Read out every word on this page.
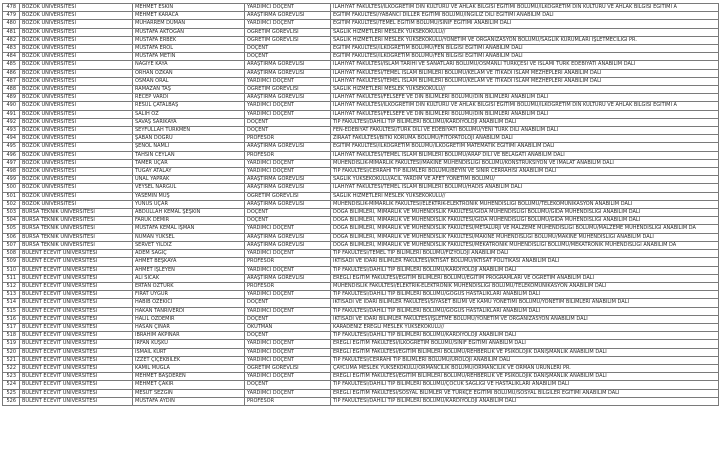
478	BOZOK ÜNİVERSİTESİ	MEHMET ESKİN	YARDIMCI DOÇENT	İLAHİYAT FAKÜLTESİ/İLKÖĞRETİM DİN KÜLTÜRÜ VE AHLAK BİLGİSİ EĞİTİMİ BÖLÜMÜ/İLKÖĞRETİM DİN KÜLTÜRÜ VE AHLAK BİLGİSİ EĞİTİMİ A
479	BOZOK ÜNİVERSİTESİ	MEHMET KARACA	ARAŞTIRMA GÖREVLİSİ	EĞİTİM FAKÜLTESİ/YABANCI DİLLER EĞİTİMİ BÖLÜMÜ/İNGİLİZ DİLİ EĞİTİMİ ANABİLİM DALI
480	BOZOK ÜNİVERSİTESİ	MUHARREM DUMAN	YARDIMCI DOÇENT	EĞİTİM FAKÜLTESİ/TEMEL EĞİTİM BÖLÜMÜ/SINIF EĞİTİMİ ANABİLİM DALI
481	BOZOK ÜNİVERSİTESİ	MUSTAFA AKTOĞAN	ÖĞRETİM GÖREVLİSİ	SAĞLIK HİZMETLERİ MESLEK YÜKSEKOKULU//
482	BOZOK ÜNİVERSİTESİ	MUSTAFA ERBEK	ÖĞRETİM GÖREVLİSİ	SAĞLIK HİZMETLERİ MESLEK YÜKSEKOKULU/YÖNETİM VE ORGANİZASYON BÖLÜMÜ/SAĞLIK KURUMLARI İŞLETMECİLİĞİ PR.
483	BOZOK ÜNİVERSİTESİ	MUSTAFA EROL	DOÇENT	EĞİTİM FAKÜLTESİ/İLKÖĞRETİM BÖLÜMÜ/FEN BİLGİSİ EĞİTİMİ ANABİLİM DALI
484	BOZOK ÜNİVERSİTESİ	MUSTAFA METİN	DOÇENT	EĞİTİM FAKÜLTESİ/İLKÖĞRETİM BÖLÜMÜ/FEN BİLGİSİ EĞİTİMİ ANABİLİM DALI
485	BOZOK ÜNİVERSİTESİ	NAGİYE KAYA	ARAŞTIRMA GÖREVLİSİ	İLAHİYAT FAKÜLTESİ/İSLAM TARİHİ VE SANATLARI BÖLÜMÜ/OSMANLI TÜRKÇESİ VE İSLAMİ TÜRK EDEBİYATI ANABİLİM DALI
486	BOZOK ÜNİVERSİTESİ	ORHAN ÖZKAN	ARAŞTIRMA GÖREVLİSİ	İLAHİYAT FAKÜLTESİ/TEMEL İSLAM BİLİMLERİ BÖLÜMÜ/KELAM VE İTİKADİ İSLAM MEZHEPLERİ ANABİLİM DALI
487	BOZOK ÜNİVERSİTESİ	OSMAN ORAL	YARDIMCI DOÇENT	İLAHİYAT FAKÜLTESİ/TEMEL İSLAM BİLİMLERİ BÖLÜMÜ/KELAM VE İTİKADİ İSLAM MEZHEPLERİ ANABİLİM DALI
488	BOZOK ÜNİVERSİTESİ	RAMAZAN TAŞ	ÖĞRETİM GÖREVLİSİ	SAĞLIK HİZMETLERİ MESLEK YÜKSEKOKULU//
489	BOZOK ÜNİVERSİTESİ	RECEP VARDI	ARAŞTIRMA GÖREVLİSİ	İLAHİYAT FAKÜLTESİ/FELSEFE VE DİN BİLİMLERİ BÖLÜMÜ/DİN BİLİMLERİ ANABİLİM DALI
490	BOZOK ÜNİVERSİTESİ	RESUL ÇATALBAŞ	YARDIMCI DOÇENT	İLAHİYAT FAKÜLTESİ/İLKÖĞRETİM DİN KÜLTÜRÜ VE AHLAK BİLGİSİ EĞİTİMİ BÖLÜMÜ/İLKÖĞRETİM DİN KÜLTÜRÜ VE AHLAK BİLGİSİ EĞİTİMİ A
491	BOZOK ÜNİVERSİTESİ	SALİH ÖZ	YARDIMCI DOÇENT	İLAHİYAT FAKÜLTESİ/FELSEFE VE DİN BİLİMLERİ BÖLÜMÜ/DİN BİLİMLERİ ANABİLİM DALI
492	BOZOK ÜNİVERSİTESİ	SAVAŞ SARIKAYA	DOÇENT	TIP FAKÜLTESİ/DAHİLİ TIP BİLİMLERİ BÖLÜMÜ/KARDİYOLOJİ ANABİLİM DALI
493	BOZOK ÜNİVERSİTESİ	SEYFULLAH TÜRKMEN	DOÇENT	FEN-EDEBİYAT FAKÜLTESİ/TÜRK DİLİ VE EDEBİYATI BÖLÜMÜ/YENİ TÜRK DİLİ ANABİLİM DALI
494	BOZOK ÜNİVERSİTESİ	ŞABAN DOĞRU	PROFESÖR	ZİRAAT FAKÜLTESİ/BİTKİ KORUMA BÖLÜMÜ/FİTOPATOLOJİ ANABİLİM DALI
495	BOZOK ÜNİVERSİTESİ	ŞENOL NAMLI	ARAŞTIRMA GÖREVLİSİ	EĞİTİM FAKÜLTESİ/İLKÖĞRETİM BÖLÜMÜ/İLKÖĞRETİM MATEMATİK EĞİTİMİ ANABİLİM DALI
496	BOZOK ÜNİVERSİTESİ	TAHSİN CEYLAN	PROFESÖR	İLAHİYAT FAKÜLTESİ/TEMEL İSLAM BİLİMLERİ BÖLÜMÜ/ARAP DİLİ VE BELAGATI ANABİLİM DALI
497	BOZOK ÜNİVERSİTESİ	TAMER UÇAR	YARDIMCI DOÇENT	MÜHENDİSLİK-MİMARLIK FAKÜLTESİ/MAKİNE MÜHENDİSLİĞİ BÖLÜMÜ/KONSTRÜKSİYON VE İMALAT ANABİLİM DALI
498	BOZOK ÜNİVERSİTESİ	TUĞAY ATALAY	YARDIMCI DOÇENT	TIP FAKÜLTESİ/CERRAHİ TIP BİLİMLERİ BÖLÜMÜ/BEYİN VE SİNİR CERRAHİSİ ANABİLİM DALI
499	BOZOK ÜNİVERSİTESİ	ÜNAL YAPRAK	ARAŞTIRMA GÖREVLİSİ	SAĞLIK YÜKSEKOKULU/ACİL YARDIM VE AFET YÖNETİMİ BÖLÜMÜ/
500	BOZOK ÜNİVERSİTESİ	VEYSEL NARGÜL	ARAŞTIRMA GÖREVLİSİ	İLAHİYAT FAKÜLTESİ/TEMEL İSLAM BİLİMLERİ BÖLÜMÜ/HADİS ANABİLİM DALI
501	BOZOK ÜNİVERSİTESİ	YASEMİN MUŞ	ÖĞRETİM GÖREVLİSİ	SAĞLIK HİZMETLERİ MESLEK YÜKSEKOKULU//
502	BOZOK ÜNİVERSİTESİ	YUNUS UÇAR	ARAŞTIRMA GÖREVLİSİ	MÜHENDİSLİK-MİMARLIK FAKÜLTESİ/ELEKTRİK-ELEKTRONİK MÜHENDİSLİĞİ BÖLÜMÜ/TELEKOMÜNİKASYON ANABİLİM DALI
503	BURSA TEKNİK ÜNİVERSİTESİ	ABDULLAH KEMAL ŞEŞKİN	DOÇENT	DOĞA BİLİMLERİ, MİMARLIK VE MÜHENDİSLİK FAKÜLTESİ/GIDA MÜHENDİSLİĞİ BÖLÜMÜ/GIDA MÜHENDİSLİĞİ ANABİLİM DALI
504	BURSA TEKNİK ÜNİVERSİTESİ	FARUK DEMİR	DOÇENT	DOĞA BİLİMLERİ, MİMARLIK VE MÜHENDİSLİK FAKÜLTESİ/GIDA MÜHENDİSLİĞİ BÖLÜMÜ/GIDA MÜHENDİSLİĞİ ANABİLİM DALI
505	BURSA TEKNİK ÜNİVERSİTESİ	MUSTAFA KEMAL İŞMAN	YARDIMCI DOÇENT	DOĞA BİLİMLERİ, MİMARLIK VE MÜHENDİSLİK FAKÜLTESİ/METALURJİ VE MALZEME MÜHENDİSLİĞİ BÖLÜMÜ/MALZEME MÜHENDİSLİĞİ ANABİLİM DA
506	BURSA TEKNİK ÜNİVERSİTESİ	NUMAN YÜKSEL	ARAŞTIRMA GÖREVLİSİ	DOĞA BİLİMLERİ, MİMARLIK VE MÜHENDİSLİK FAKÜLTESİ/MAKİNE MÜHENDİSLİĞİ BÖLÜMÜ/MAKİNE MÜHENDİSLİĞİ ANABİLİM DALI
507	BURSA TEKNİK ÜNİVERSİTESİ	SERVET YILDIZ	ARAŞTIRMA GÖREVLİSİ	DOĞA BİLİMLERİ, MİMARLIK VE MÜHENDİSLİK FAKÜLTESİ/MEKATRONİK MÜHENDİSLİĞİ BÖLÜMÜ/MEKATRONİK MÜHENDİSLİĞİ ANABİLİM DA
508	BÜLENT ECEVİT ÜNİVERSİTESİ	ADEM SAĞIÇ	YARDIMCI DOÇENT	TIP FAKÜLTESİ/TEMEL TIP BİLİMLERİ BÖLÜMÜ/FİZYOLOJİ ANABİLİM DALI
509	BÜLENT ECEVİT ÜNİVERSİTESİ	AHMET BEŞKAYA	PROFESÖR	İKTİSADİ VE İDARİ BİLİMLER FAKÜLTESİ/İKTİSAT BÖLÜMÜ/İKTİSAT POLİTİKASI ANABİLİM DALI
510	BÜLENT ECEVİT ÜNİVERSİTESİ	AHMET İŞLEYEN	YARDIMCI DOÇENT	TIP FAKÜLTESİ/DAHİLİ TIP BİLİMLERİ BÖLÜMÜ/KARDİYOLOJİ ANABİLİM DALI
511	BÜLENT ECEVİT ÜNİVERSİTESİ	ALİ SICAK	ARAŞTIRMA GÖREVLİSİ	EREĞLİ EĞİTİM FAKÜLTESİ/EĞİTİM BİLİMLERİ BÖLÜMÜ/EĞİTİM PROGRAMLARI VE ÖĞRETİM ANABİLİM DALI
512	BÜLENT ECEVİT ÜNİVERSİTESİ	ERTAN ÖZTÜRK	PROFESÖR	MÜHENDİSLİK FAKÜLTESİ/ELEKTRİK-ELEKTRONİK MÜHENDİSLİĞİ BÖLÜMÜ/TELEKOMÜNİKASYON ANABİLİM DALI
513	BÜLENT ECEVİT ÜNİVERSİTESİ	FIRAT UYGUR	YARDIMCI DOÇENT	TIP FAKÜLTESİ/DAHİLİ TIP BİLİMLERİ BÖLÜMÜ/GÖĞÜS HASTALIKLARI ANABİLİM DALI
514	BÜLENT ECEVİT ÜNİVERSİTESİ	HABİB ÖZEKİCİ	DOÇENT	İKTİSADİ VE İDARİ BİLİMLER FAKÜLTESİ/SİYASET BİLİMİ VE KAMU YÖNETİMİ BÖLÜMÜ/YÖNETİM BİLİMLERİ ANABİLİM DALI
515	BÜLENT ECEVİT ÜNİVERSİTESİ	HAKAN TANRIVERDİ	YARDIMCI DOÇENT	TIP FAKÜLTESİ/DAHİLİ TIP BİLİMLERİ BÖLÜMÜ/GÖĞÜS HASTALIKLARI ANABİLİM DALI
516	BÜLENT ECEVİT ÜNİVERSİTESİ	HALİL ÖZDEMİR	DOÇENT	İKTİSADİ VE İDARİ BİLİMLER FAKÜLTESİ/İŞLETME BÖLÜMÜ/YÖNETİM VE ORGANİZASYON ANABİLİM DALI
517	BÜLENT ECEVİT ÜNİVERSİTESİ	HASAN ÇINAR	OKUTMAN	KARADENİZ EREĞLİ MESLEK YÜKSEKOKULU//
518	BÜLENT ECEVİT ÜNİVERSİTESİ	İBRAHİM AKPINAR	DOÇENT	TIP FAKÜLTESİ/DAHİLİ TIP BİLİMLERİ BÖLÜMÜ/KARDİYOLOJİ ANABİLİM DALI
519	BÜLENT ECEVİT ÜNİVERSİTESİ	İRFAN KUŞKU	YARDIMCI DOÇENT	EREĞLİ EĞİTİM FAKÜLTESİ/İLKÖĞRETİM BÖLÜMÜ/SINIF EĞİTİMİ ANABİLİM DALI
520	BÜLENT ECEVİT ÜNİVERSİTESİ	İSMAİL KURT	YARDIMCI DOÇENT	EREĞLİ EĞİTİM FAKÜLTESİ/EĞİTİM BİLİMLERİ BÖLÜMÜ/REHBERLİK VE PSİKOLOJİK DANIŞMANLIK ANABİLİM DALI
521	BÜLENT ECEVİT ÜNİVERSİTESİ	İZZET ÇİÇEKBİLEK	YARDIMCI DOÇENT	TIP FAKÜLTESİ/CERRAHİ TIP BİLİMLERİ BÖLÜMÜ/ÜROLOJİ ANABİLİM DALI
522	BÜLENT ECEVİT ÜNİVERSİTESİ	KAMİL MUĞLA	ÖĞRETİM GÖREVLİSİ	ÇAYCUMA MESLEK YÜKSEKOKULU/ORMANCILIK BÖLÜMÜ/ORMANCILIK VE ORMAN ÜRÜNLERİ PR.
523	BÜLENT ECEVİT ÜNİVERSİTESİ	MEHMET BAŞDEREN	YARDIMCI DOÇENT	EREĞLİ EĞİTİM FAKÜLTESİ/EĞİTİM BİLİMLERİ BÖLÜMÜ/REHBERLİK VE PSİKOLOJİK DANIŞMANLIK ANABİLİM DALI
524	BÜLENT ECEVİT ÜNİVERSİTESİ	MEHMET ÇAKIR	DOÇENT	TIP FAKÜLTESİ/DAHİLİ TIP BİLİMLERİ BÖLÜMÜ/ÇOCUK SAĞLIĞI VE HASTALIKLARI ANABİLİM DALI
525	BÜLENT ECEVİT ÜNİVERSİTESİ	MESUT SEZGİN	YARDIMCI DOÇENT	EREĞLİ EĞİTİM FAKÜLTESİ/SOSYAL BİLİMLER VE TÜRKÇE EĞİTİMİ BÖLÜMÜ/SOSYAL BİLGİLER EĞİTİMİ ANABİLİM DALI
526	BÜLENT ECEVİT ÜNİVERSİTESİ	MUSTAFA AYDIN	PROFESÖR	TIP FAKÜLTESİ/DAHİLİ TIP BİLİMLERİ BÖLÜMÜ/KARDİYOLOJİ ANABİLİM DALI
